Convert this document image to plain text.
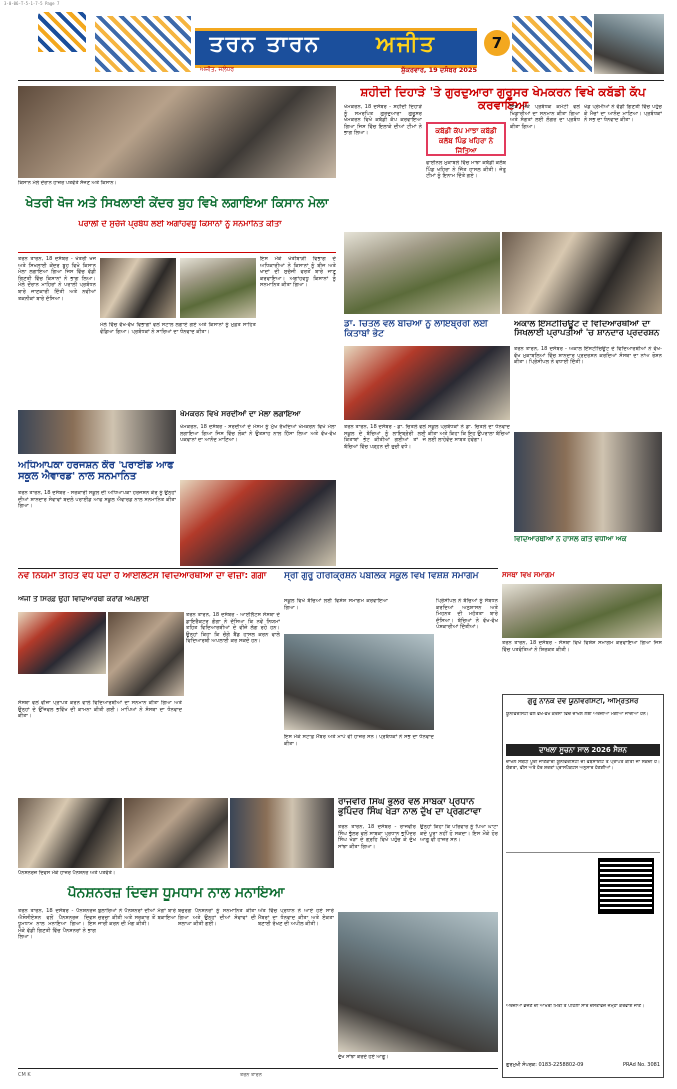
3-0-06-T-5-1-7-5 Page 7
ਤਰਨ ਤਾਰਨ	ਅਜੀਤ
ਅਜੀਤ, ਜਲੰਧਰ	ਸ਼ੁੱਕਰਵਾਰ, 19 ਦਸੰਬਰ 2025
7
ਕਿਸਾਨ ਮੇਲੇ ਦੌਰਾਨ ਹਾਜ਼ਰ ਪਤਵੰਤੇ ਸੱਜਣ ਅਤੇ ਕਿਸਾਨ।
ਖੇਤਰੀ ਖੋਜ ਅਤੇ ਸਿਖਲਾਈ ਕੇਂਦਰ ਬੂਹ ਵਿਖੇ ਲਗਾਇਆ ਕਿਸਾਨ ਮੇਲਾ
ਪਰਾਲੀ ਦੇ ਸੁਚੱਜੇ ਪ੍ਰਬੰਧ ਲਈ ਅਗਾਂਹਵਧੂ ਕਿਸਾਨਾਂ ਨੂੰ ਸਨਮਾਨਿਤ ਕੀਤਾ
ਤਰਨ ਤਾਰਨ, 18 ਦਸੰਬਰ - ਖੇਤਰੀ ਖੋਜ ਅਤੇ ਸਿਖਲਾਈ ਕੇਂਦਰ ਬੂਹ ਵਿਖੇ ਕਿਸਾਨ ਮੇਲਾ ਲਗਾਇਆ ਗਿਆ ਜਿਸ ਵਿੱਚ ਵੱਡੀ ਗਿਣਤੀ ਵਿੱਚ ਕਿਸਾਨਾਂ ਨੇ ਭਾਗ ਲਿਆ। ਮੇਲੇ ਦੌਰਾਨ ਮਾਹਿਰਾਂ ਨੇ ਪਰਾਲੀ ਪ੍ਰਬੰਧਨ ਬਾਰੇ ਜਾਣਕਾਰੀ ਦਿੱਤੀ ਅਤੇ ਨਵੀਆਂ ਤਕਨੀਕਾਂ ਬਾਰੇ ਦੱਸਿਆ।
ਇਸ ਮੌਕੇ ਖੇਤੀਬਾੜੀ ਵਿਭਾਗ ਦੇ ਅਧਿਕਾਰੀਆਂ ਨੇ ਕਿਸਾਨਾਂ ਨੂੰ ਬੀਜ ਅਤੇ ਖਾਦਾਂ ਦੀ ਸੁਚੱਜੀ ਵਰਤੋਂ ਬਾਰੇ ਜਾਣੂ ਕਰਵਾਇਆ। ਅਗਾਂਹਵਧੂ ਕਿਸਾਨਾਂ ਨੂੰ ਸਨਮਾਨਿਤ ਕੀਤਾ ਗਿਆ।
ਮੇਲੇ ਵਿੱਚ ਵੱਖ-ਵੱਖ ਵਿਭਾਗਾਂ ਵਲੋਂ ਸਟਾਲ ਲਗਾਏ ਗਏ ਅਤੇ ਕਿਸਾਨਾਂ ਨੂੰ ਮੁਫ਼ਤ ਸਾਹਿਤ ਵੰਡਿਆ ਗਿਆ। ਪ੍ਰਬੰਧਕਾਂ ਨੇ ਸਾਰਿਆਂ ਦਾ ਧੰਨਵਾਦ ਕੀਤਾ।
ਖੇਮਕਰਨ ਵਿਖੇ ਸਰਦੀਆਂ ਦਾ ਮੇਲਾ ਲਗਾਇਆ
ਖੇਮਕਰਨ, 18 ਦਸੰਬਰ - ਸਰਦੀਆਂ ਦੇ ਮੌਸਮ ਨੂੰ ਮੁੱਖ ਰੱਖਦਿਆਂ ਖੇਮਕਰਨ ਵਿਖੇ ਮੇਲਾ ਲਗਾਇਆ ਗਿਆ ਜਿਸ ਵਿੱਚ ਲੋਕਾਂ ਨੇ ਉਤਸ਼ਾਹ ਨਾਲ ਹਿੱਸਾ ਲਿਆ ਅਤੇ ਵੱਖ-ਵੱਖ ਪਕਵਾਨਾਂ ਦਾ ਆਨੰਦ ਮਾਣਿਆ।
ਅਧਿਆਪਕਾ ਹਰਜਸ਼ਨ ਕੌਰ 'ਪਰਾਈਡ ਆਫ ਸਕੂਲ ਐਵਾਰਡ' ਨਾਲ ਸਨਮਾਨਿਤ
ਤਰਨ ਤਾਰਨ, 18 ਦਸੰਬਰ - ਸਰਕਾਰੀ ਸਕੂਲ ਦੀ ਅਧਿਆਪਕਾ ਹਰਜਸ਼ਨ ਕੌਰ ਨੂੰ ਉਨ੍ਹਾਂ ਦੀਆਂ ਸ਼ਾਨਦਾਰ ਸੇਵਾਵਾਂ ਬਦਲੇ ਪਰਾਈਡ ਆਫ ਸਕੂਲ ਐਵਾਰਡ ਨਾਲ ਸਨਮਾਨਿਤ ਕੀਤਾ ਗਿਆ।
ਸ਼ਹੀਦੀ ਦਿਹਾੜੇ 'ਤੇ ਗੁਰਦੁਆਰਾ ਗੁਰੂਸਰ ਖੇਮਕਰਨ ਵਿਖੇ ਕਬੱਡੀ ਕੱਪ ਕਰਵਾਇਆ
ਖੇਮਕਰਨ, 18 ਦਸੰਬਰ - ਸ਼ਹੀਦੀ ਦਿਹਾੜੇ ਨੂੰ ਸਮਰਪਿਤ ਗੁਰਦੁਆਰਾ ਗੁਰੂਸਰ ਖੇਮਕਰਨ ਵਿਖੇ ਕਬੱਡੀ ਕੱਪ ਕਰਵਾਇਆ ਗਿਆ ਜਿਸ ਵਿੱਚ ਇਲਾਕੇ ਦੀਆਂ ਟੀਮਾਂ ਨੇ ਭਾਗ ਲਿਆ।	ਕਬੱਡੀ ਕੱਪ ਮਾਝਾ ਕਬੱਡੀ ਕਲੱਬ ਪਿੰਡ ਖਹਿਰਾ ਨੇ ਜਿੱਤਿਆ
ਫਾਈਨਲ ਮੁਕਾਬਲੇ ਵਿੱਚ ਮਾਝਾ ਕਬੱਡੀ ਕਲੱਬ ਪਿੰਡ ਖਹਿਰਾ ਨੇ ਜਿੱਤ ਹਾਸਲ ਕੀਤੀ। ਜੇਤੂ ਟੀਮਾਂ ਨੂੰ ਇਨਾਮ ਦਿੱਤੇ ਗਏ।
ਇਸ ਮੌਕੇ ਪ੍ਰਬੰਧਕ ਕਮੇਟੀ ਵਲੋਂ ਖਿਡਾਰੀਆਂ ਦਾ ਸਨਮਾਨ ਕੀਤਾ ਗਿਆ ਅਤੇ ਸੰਗਤਾਂ ਲਈ ਲੰਗਰ ਦਾ ਪ੍ਰਬੰਧ ਕੀਤਾ ਗਿਆ।
ਖੇਡ ਪ੍ਰੇਮੀਆਂ ਨੇ ਵੱਡੀ ਗਿਣਤੀ ਵਿੱਚ ਪਹੁੰਚ ਕੇ ਮੈਚਾਂ ਦਾ ਆਨੰਦ ਮਾਣਿਆ। ਪ੍ਰਬੰਧਕਾਂ ਨੇ ਸਭ ਦਾ ਧੰਨਵਾਦ ਕੀਤਾ।
ਡਾ. ਚਿਤਲੇ ਵਲੋਂ ਬੱਚਿਆਂ ਨੂੰ ਲਾਇਬ੍ਰੇਰੀ ਲਈ ਕਿਤਾਬਾਂ ਭੇਟ
ਤਰਨ ਤਾਰਨ, 18 ਦਸੰਬਰ - ਡਾ. ਚਿਤਲੇ ਵਲੋਂ ਸਕੂਲ ਦੇ ਬੱਚਿਆਂ ਨੂੰ ਲਾਇਬ੍ਰੇਰੀ ਲਈ ਕਿਤਾਬਾਂ ਭੇਟ ਕੀਤੀਆਂ ਗਈਆਂ ਤਾਂ ਜੋ ਬੱਚਿਆਂ ਵਿੱਚ ਪੜ੍ਹਨ ਦੀ ਰੁਚੀ ਵਧੇ।
ਸਕੂਲ ਪ੍ਰਬੰਧਕਾਂ ਨੇ ਡਾ. ਚਿਤਲੇ ਦਾ ਧੰਨਵਾਦ ਕੀਤਾ ਅਤੇ ਕਿਹਾ ਕਿ ਇਹ ਉਪਰਾਲਾ ਬੱਚਿਆਂ ਲਈ ਲਾਹੇਵੰਦ ਸਾਬਤ ਹੋਵੇਗਾ।
ਅਕਾਲ ਇੰਸਟੀਚਿਊਟ ਦੇ ਵਿਦਿਆਰਥੀਆਂ ਦਾ ਸਿਖਲਾਈ ਪ੍ਰਾਪਤੀਆਂ 'ਚ ਸ਼ਾਨਦਾਰ ਪ੍ਰਦਰਸ਼ਨ
ਤਰਨ ਤਾਰਨ, 18 ਦਸੰਬਰ - ਅਕਾਲ ਇੰਸਟੀਚਿਊਟ ਦੇ ਵਿਦਿਆਰਥੀਆਂ ਨੇ ਵੱਖ-ਵੱਖ ਮੁਕਾਬਲਿਆਂ ਵਿੱਚ ਸ਼ਾਨਦਾਰ ਪ੍ਰਦਰਸ਼ਨ ਕਰਦਿਆਂ ਸੰਸਥਾ ਦਾ ਨਾਂਅ ਰੋਸ਼ਨ ਕੀਤਾ। ਪ੍ਰਿੰਸੀਪਲ ਨੇ ਵਧਾਈ ਦਿੱਤੀ।
ਵਿਦਿਆਰਥੀਆਂ ਨੇ ਹਾਸਲ ਕੀਤੇ ਵਧੀਆ ਅੰਕ
ਨਵੇਂ ਨਿਯਮਾਂ ਤਹਿਤ ਵੱਧ ਪੈਂਦਾ ਹੈ ਆਈਲੈਟਸ ਵਿਦਿਆਰਥੀਆਂ ਦਾ ਵੀਜ਼ਾ: ਗੰਗਾ
ਅੱਜੀ ਤੋਂ ਸਿਰਫ਼ ਉਹੀ ਵਿਦਿਆਰਥੀ ਕਰਾਂਗੇ ਅਪਲਾਈ
ਤਰਨ ਤਾਰਨ, 18 ਦਸੰਬਰ - ਆਈਲੈਟਸ ਸੰਸਥਾ ਦੇ ਡਾਇਰੈਕਟਰ ਗੰਗਾ ਨੇ ਦੱਸਿਆ ਕਿ ਨਵੇਂ ਨਿਯਮਾਂ ਤਹਿਤ ਵਿਦਿਆਰਥੀਆਂ ਦੇ ਵੀਜ਼ੇ ਲੱਗ ਰਹੇ ਹਨ। ਉਨ੍ਹਾਂ ਕਿਹਾ ਕਿ ਚੰਗੇ ਬੈਂਡ ਹਾਸਲ ਕਰਨ ਵਾਲੇ ਵਿਦਿਆਰਥੀ ਅਪਲਾਈ ਕਰ ਸਕਦੇ ਹਨ।
ਸੰਸਥਾ ਵਲੋਂ ਵੀਜ਼ਾ ਪ੍ਰਾਪਤ ਕਰਨ ਵਾਲੇ ਵਿਦਿਆਰਥੀਆਂ ਦਾ ਸਨਮਾਨ ਕੀਤਾ ਗਿਆ ਅਤੇ ਉਨ੍ਹਾਂ ਦੇ ਉੱਜਵਲ ਭਵਿੱਖ ਦੀ ਕਾਮਨਾ ਕੀਤੀ ਗਈ। ਮਾਪਿਆਂ ਨੇ ਸੰਸਥਾ ਦਾ ਧੰਨਵਾਦ ਕੀਤਾ।
ਸ੍ਰੀ ਗੁਰੂ ਹਰਿਕ੍ਰਿਸ਼ਨ ਪਬਲਿਕ ਸਕੂਲ ਵਿਖੇ ਵਿਸ਼ੇਸ਼ ਸਮਾਗਮ
ਸਕੂਲ ਵਿਖੇ ਬੱਚਿਆਂ ਲਈ ਵਿਸ਼ੇਸ਼ ਸਮਾਗਮ ਕਰਵਾਇਆ ਗਿਆ।
ਪ੍ਰਿੰਸੀਪਲ ਨੇ ਬੱਚਿਆਂ ਨੂੰ ਸੰਬੋਧਨ ਕਰਦਿਆਂ ਅਨੁਸ਼ਾਸਨ ਅਤੇ ਮਿਹਨਤ ਦੀ ਮਹੱਤਤਾ ਬਾਰੇ ਦੱਸਿਆ। ਬੱਚਿਆਂ ਨੇ ਵੱਖ-ਵੱਖ ਪੇਸ਼ਕਾਰੀਆਂ ਦਿੱਤੀਆਂ।
ਇਸ ਮੌਕੇ ਸਟਾਫ਼ ਮੈਂਬਰ ਅਤੇ ਮਾਪੇ ਵੀ ਹਾਜ਼ਰ ਸਨ। ਪ੍ਰਬੰਧਕਾਂ ਨੇ ਸਭ ਦਾ ਧੰਨਵਾਦ ਕੀਤਾ।
ਸੰਸਥਾ ਵਿਖੇ ਸਮਾਗਮ
ਤਰਨ ਤਾਰਨ, 18 ਦਸੰਬਰ - ਸੰਸਥਾ ਵਿਖੇ ਵਿਸ਼ੇਸ਼ ਸਮਾਗਮ ਕਰਵਾਇਆ ਗਿਆ ਜਿਸ ਵਿੱਚ ਪਤਵੰਤਿਆਂ ਨੇ ਸ਼ਿਰਕਤ ਕੀਤੀ।
ਗੁਰੂ ਨਾਨਕ ਦੇਵ ਯੂਨੀਵਰਸਿਟੀ, ਅੰਮ੍ਰਿਤਸਰ
ਦਾਖਲਾ ਸੂਚਨਾ ਸਾਲ 2026 ਸੈਸ਼ਨ
ਯੂਨੀਵਰਸਿਟੀ ਵਲੋਂ ਵੱਖ-ਵੱਖ ਕੋਰਸਾਂ ਵਿੱਚ ਦਾਖਲੇ ਲਈ ਅਰਜ਼ੀਆਂ ਮੰਗੀਆਂ ਜਾਂਦੀਆਂ ਹਨ।
ਦਾਖਲੇ ਸਬੰਧੀ ਪੂਰੀ ਜਾਣਕਾਰੀ ਯੂਨੀਵਰਸਿਟੀ ਦੀ ਵੈੱਬਸਾਈਟ ਤੋਂ ਪ੍ਰਾਪਤ ਕੀਤੀ ਜਾ ਸਕਦੀ ਹੈ। ਯੋਗਤਾ, ਫੀਸ ਅਤੇ ਹੋਰ ਸ਼ਰਤਾਂ ਪ੍ਰਾਸਪੈਕਟਸ ਅਨੁਸਾਰ ਹੋਣਗੀਆਂ।
ਅਰਜ਼ੀਆਂ ਭੇਜਣ ਦੀ ਆਖਰੀ ਮਿਤੀ ਤੋਂ ਪਹਿਲਾਂ ਸਾਰੇ ਦਸਤਾਵੇਜ਼ ਜਮ੍ਹਾਂ ਕਰਵਾਏ ਜਾਣ।
ਗੁਰਮੁਖੀ ਸੰਪਰਕ: 0183-2258802-09	PRAd No. 3081
ਪੈਨਸ਼ਨਰਜ਼ ਦਿਵਸ ਮੌਕੇ ਹਾਜ਼ਰ ਪੈਨਸ਼ਨਰ ਅਤੇ ਪਤਵੰਤੇ।
ਰਾਜਵੀਰ ਸਿੰਘ ਭੁੱਲਰ ਵਲੋਂ ਸਾਬਕਾ ਪ੍ਰਧਾਨ ਭੁਪਿੰਦਰ ਸਿੰਘ ਖੇੜਾ ਨਾਲ ਦੁੱਖ ਦਾ ਪ੍ਰਗਟਾਵਾ
ਤਰਨ ਤਾਰਨ, 18 ਦਸੰਬਰ - ਰਾਜਵੀਰ ਸਿੰਘ ਭੁੱਲਰ ਵਲੋਂ ਸਾਬਕਾ ਪ੍ਰਧਾਨ ਭੁਪਿੰਦਰ ਸਿੰਘ ਖੇੜਾ ਦੇ ਗ੍ਰਹਿ ਵਿਖੇ ਪਹੁੰਚ ਕੇ ਦੁੱਖ ਸਾਂਝਾ ਕੀਤਾ ਗਿਆ।
ਉਨ੍ਹਾਂ ਕਿਹਾ ਕਿ ਪਰਿਵਾਰ ਨੂੰ ਪਿਆ ਘਾਟਾ ਕਦੇ ਪੂਰਾ ਨਹੀਂ ਹੋ ਸਕਦਾ। ਇਸ ਮੌਕੇ ਹੋਰ ਆਗੂ ਵੀ ਹਾਜ਼ਰ ਸਨ।
ਦੁੱਖ ਸਾਂਝਾ ਕਰਦੇ ਹੋਏ ਆਗੂ।
ਪੈਨਸ਼ਨਰਜ਼ ਦਿਵਸ ਧੂਮਧਾਮ ਨਾਲ ਮਨਾਇਆ
ਤਰਨ ਤਾਰਨ, 18 ਦਸੰਬਰ - ਪੈਨਸ਼ਨਰਜ਼ ਐਸੋਸੀਏਸ਼ਨ ਵਲੋਂ ਪੈਨਸ਼ਨਰਜ਼ ਦਿਵਸ ਧੂਮਧਾਮ ਨਾਲ ਮਨਾਇਆ ਗਿਆ। ਇਸ ਮੌਕੇ ਵੱਡੀ ਗਿਣਤੀ ਵਿੱਚ ਪੈਨਸ਼ਨਰਾਂ ਨੇ ਭਾਗ ਲਿਆ।
ਬੁਲਾਰਿਆਂ ਨੇ ਪੈਨਸ਼ਨਰਾਂ ਦੀਆਂ ਮੰਗਾਂ ਬਾਰੇ ਚਰਚਾ ਕੀਤੀ ਅਤੇ ਸਰਕਾਰ ਤੋਂ ਬਕਾਇਆ ਜਾਰੀ ਕਰਨ ਦੀ ਮੰਗ ਕੀਤੀ।
ਬਜ਼ੁਰਗ ਪੈਨਸ਼ਨਰਾਂ ਨੂੰ ਸਨਮਾਨਿਤ ਕੀਤਾ ਗਿਆ ਅਤੇ ਉਨ੍ਹਾਂ ਦੀਆਂ ਸੇਵਾਵਾਂ ਦੀ ਸ਼ਲਾਘਾ ਕੀਤੀ ਗਈ।
ਅੰਤ ਵਿੱਚ ਪ੍ਰਧਾਨ ਨੇ ਆਏ ਹੋਏ ਸਾਰੇ ਮੈਂਬਰਾਂ ਦਾ ਧੰਨਵਾਦ ਕੀਤਾ ਅਤੇ ਏਕਤਾ ਬਣਾਈ ਰੱਖਣ ਦੀ ਅਪੀਲ ਕੀਤੀ।
CM K	ਤਰਨ ਤਾਰਨ
